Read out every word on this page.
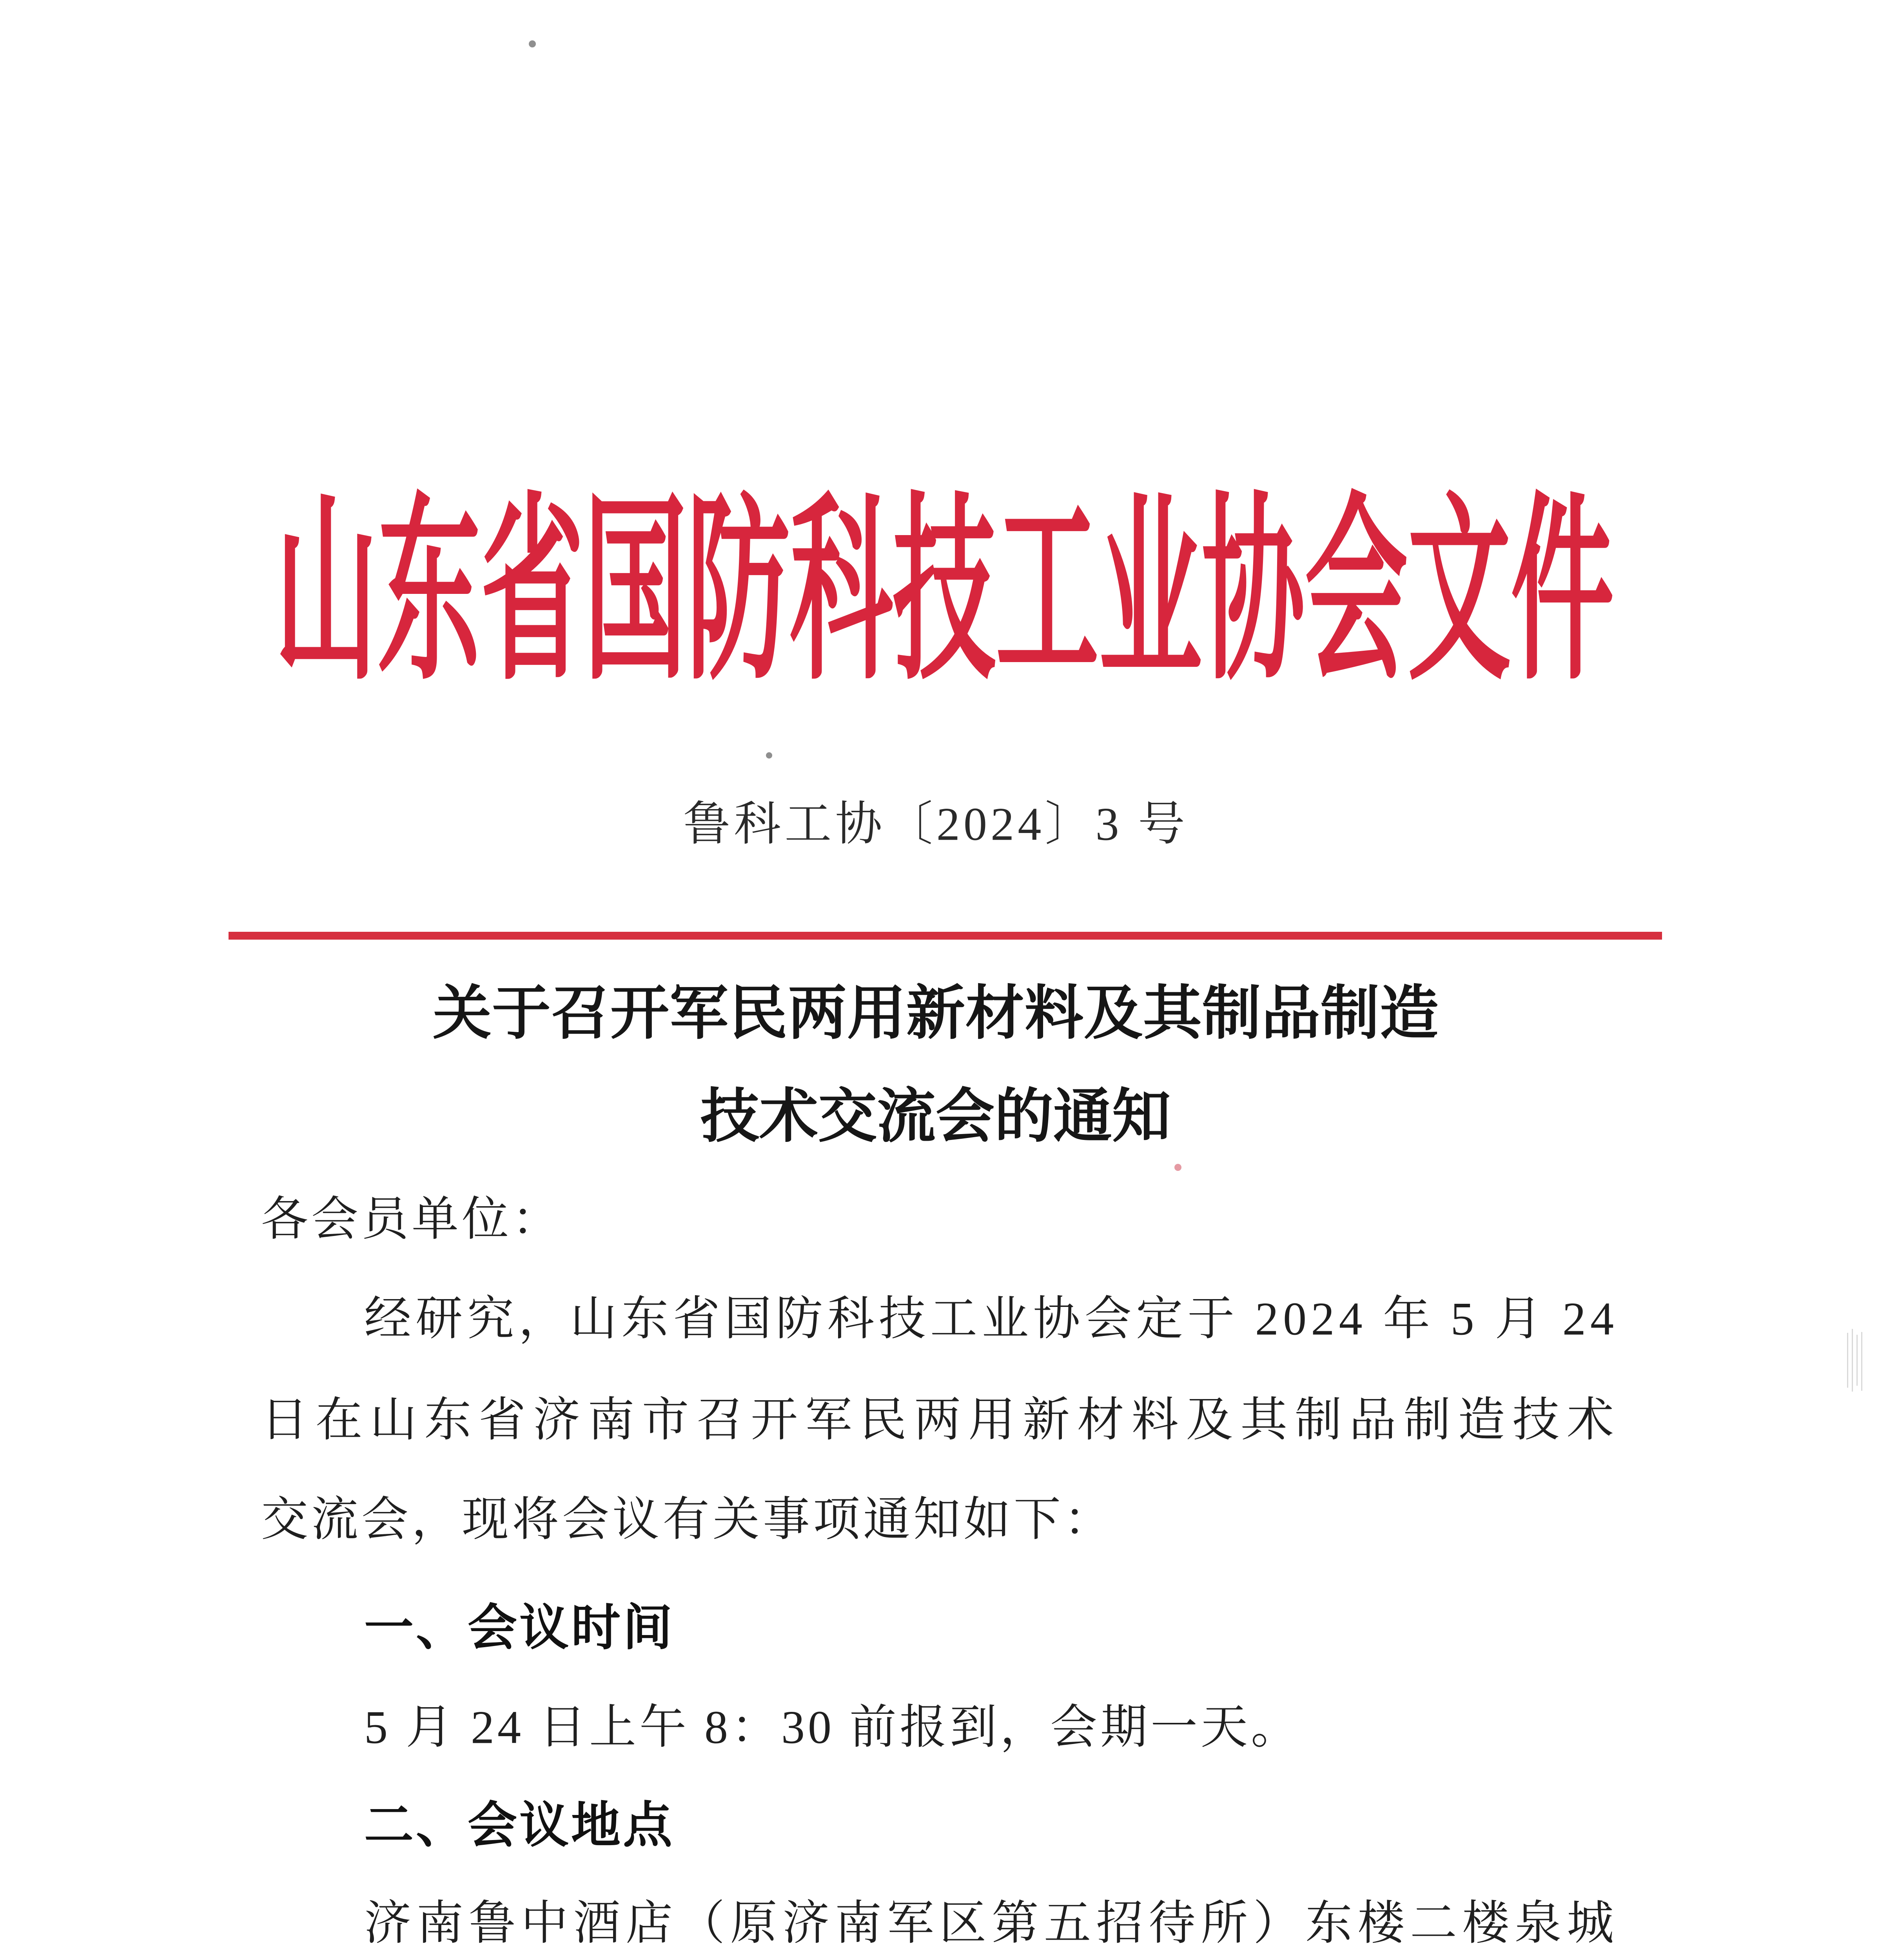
山东省国防科技工业协会文件
鲁科工协〔2024〕3 号
关于召开军民两用新材料及其制品制造
技术交流会的通知
各会员单位：
经研究，山东省国防科技工业协会定于 2024 年 5 月 24
日在山东省济南市召开军民两用新材料及其制品制造技术
交流会，现将会议有关事项通知如下：
一、会议时间
5 月 24 日上午 8：30 前报到，会期一天。
二、会议地点
济南鲁中酒店（原济南军区第五招待所）东楼二楼泉城
